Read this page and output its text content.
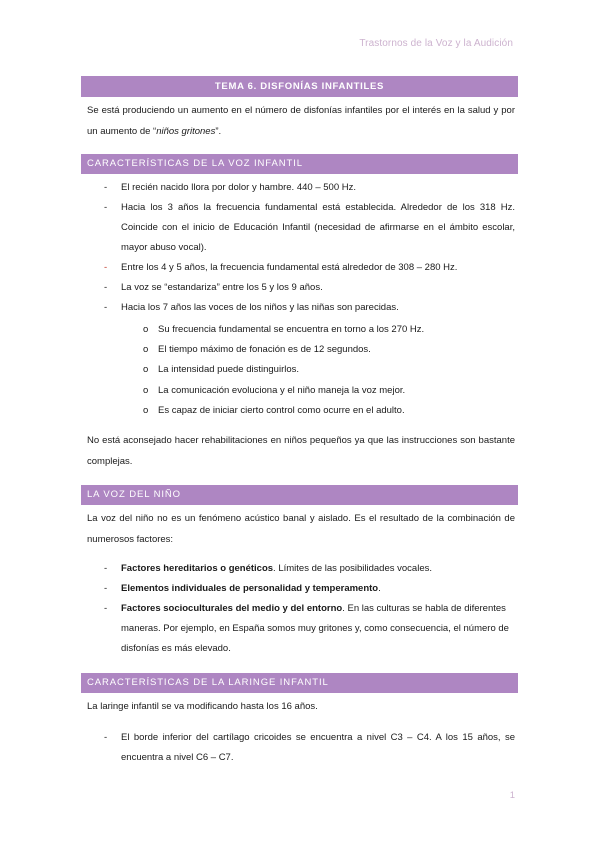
Trastornos de la Voz y la Audición
TEMA 6. DISFONÍAS INFANTILES
Se está produciendo un aumento en el número de disfonías infantiles por el interés en la salud y por un aumento de “niños gritones”.
CARACTERÍSTICAS DE LA VOZ INFANTIL
- El recién nacido llora por dolor y hambre. 440 – 500 Hz.
- Hacia los 3 años la frecuencia fundamental está establecida. Alrededor de los 318 Hz. Coincide con el inicio de Educación Infantil (necesidad de afirmarse en el ámbito escolar, mayor abuso vocal).
- Entre los 4 y 5 años, la frecuencia fundamental está alrededor de 308 – 280 Hz.
- La voz se “estandariza” entre los 5 y los 9 años.
- Hacia los 7 años las voces de los niños y las niñas son parecidas.
o Su frecuencia fundamental se encuentra en torno a los 270 Hz.
o El tiempo máximo de fonación es de 12 segundos.
o La intensidad puede distinguirlos.
o La comunicación evoluciona y el niño maneja la voz mejor.
o Es capaz de iniciar cierto control como ocurre en el adulto.
No está aconsejado hacer rehabilitaciones en niños pequeños ya que las instrucciones son bastante complejas.
LA VOZ DEL NIÑO
La voz del niño no es un fenómeno acústico banal y aislado. Es el resultado de la combinación de numerosos factores:
- Factores hereditarios o genéticos. Límites de las posibilidades vocales.
- Elementos individuales de personalidad y temperamento.
- Factores socioculturales del medio y del entorno. En las culturas se habla de diferentes maneras. Por ejemplo, en España somos muy gritones y, como consecuencia, el número de disfonías es más elevado.
CARACTERÍSTICAS DE LA LARINGE INFANTIL
La laringe infantil se va modificando hasta los 16 años.
- El borde inferior del cartílago cricoides se encuentra a nivel C3 – C4. A los 15 años, se encuentra a nivel C6 – C7.
1
